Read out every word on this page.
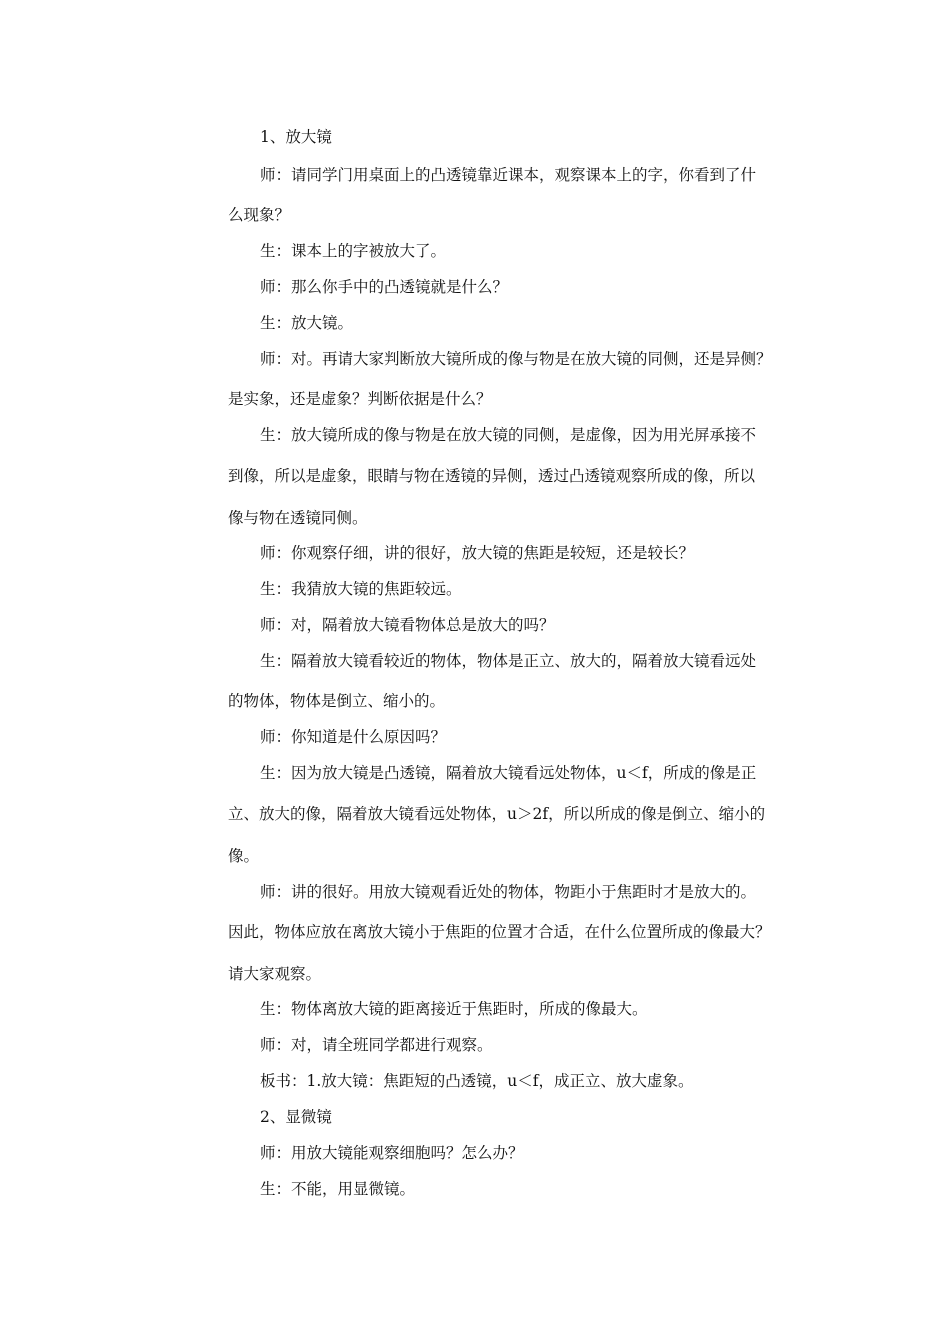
1、放大镜
师：请同学门用桌面上的凸透镜靠近课本，观察课本上的字，你看到了什
么现象？
生：课本上的字被放大了。
师：那么你手中的凸透镜就是什么？
生：放大镜。
师：对。再请大家判断放大镜所成的像与物是在放大镜的同侧，还是异侧？
是实象，还是虚象？判断依据是什么？
生：放大镜所成的像与物是在放大镜的同侧，是虚像，因为用光屏承接不
到像，所以是虚象，眼睛与物在透镜的异侧，透过凸透镜观察所成的像，所以
像与物在透镜同侧。
师：你观察仔细，讲的很好，放大镜的焦距是较短，还是较长？
生：我猜放大镜的焦距较远。
师：对，隔着放大镜看物体总是放大的吗？
生：隔着放大镜看较近的物体，物体是正立、放大的，隔着放大镜看远处
的物体，物体是倒立、缩小的。
师：你知道是什么原因吗？
生：因为放大镜是凸透镜，隔着放大镜看远处物体，u＜f，所成的像是正
立、放大的像，隔着放大镜看远处物体，u＞2f，所以所成的像是倒立、缩小的
像。
师：讲的很好。用放大镜观看近处的物体，物距小于焦距时才是放大的。
因此，物体应放在离放大镜小于焦距的位置才合适，在什么位置所成的像最大？
请大家观察。
生：物体离放大镜的距离接近于焦距时，所成的像最大。
师：对，请全班同学都进行观察。
板书：1.放大镜：焦距短的凸透镜，u＜f，成正立、放大虚象。
2、显微镜
师：用放大镜能观察细胞吗？怎么办？
生：不能，用显微镜。
